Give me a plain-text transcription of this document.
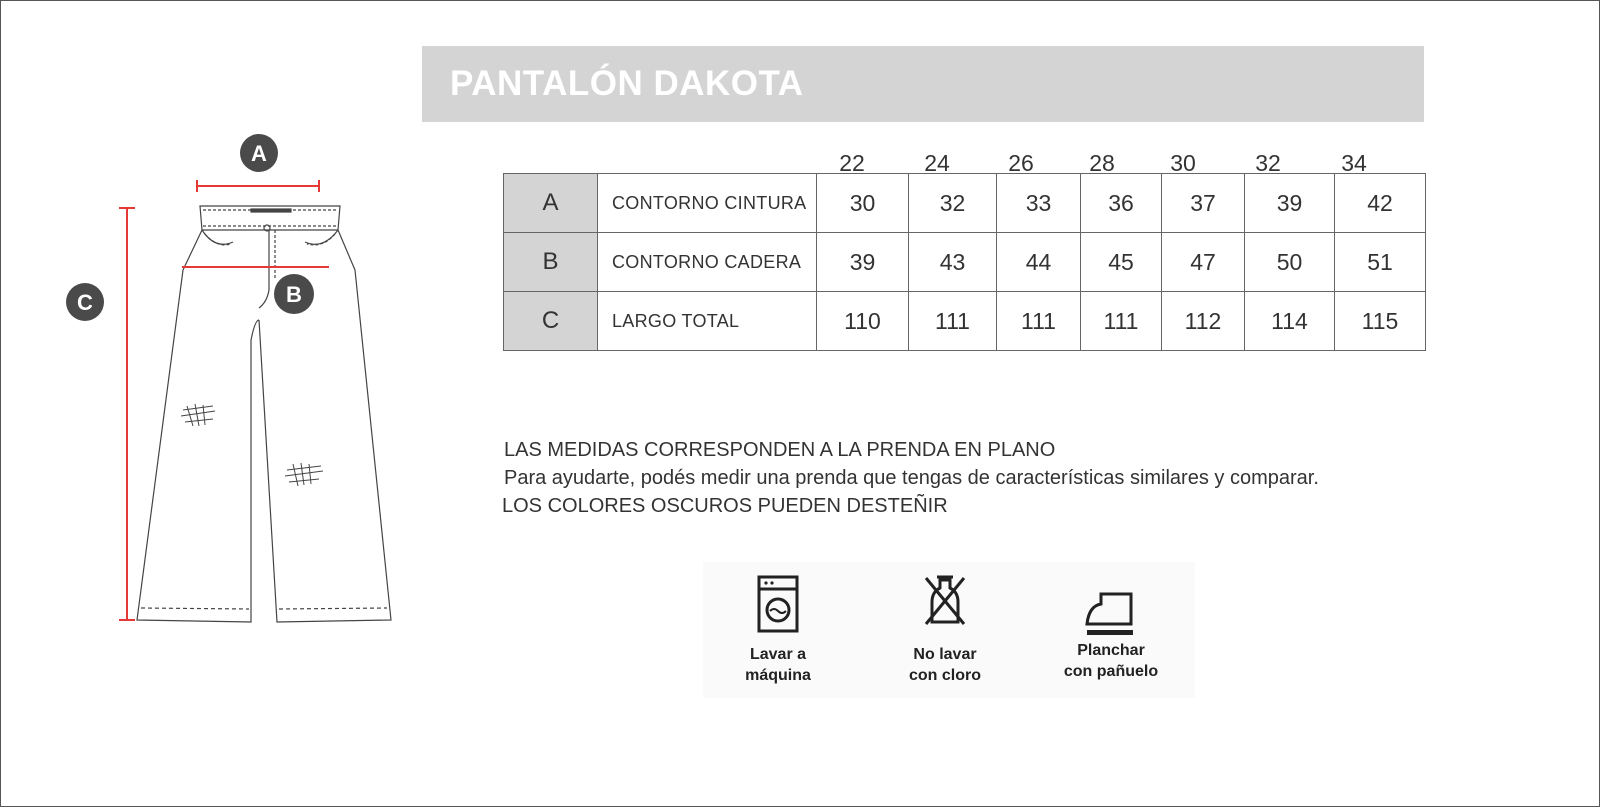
PANTALÓN DAKOTA
A
B
C
22	24	26	28	30	32	34
A	CONTORNO CINTURA	30	32	33	36	37	39	42
B	CONTORNO CADERA	39	43	44	45	47	50	51
C	LARGO TOTAL	110	111	111	111	112	114	115
LAS MEDIDAS CORRESPONDEN A LA PRENDA EN PLANO
Para ayudarte, podés medir una prenda que tengas de características similares y comparar.
LOS COLORES OSCUROS PUEDEN DESTEÑIR
Lavar a
máquina
No lavar
con cloro
Planchar
con pañuelo
